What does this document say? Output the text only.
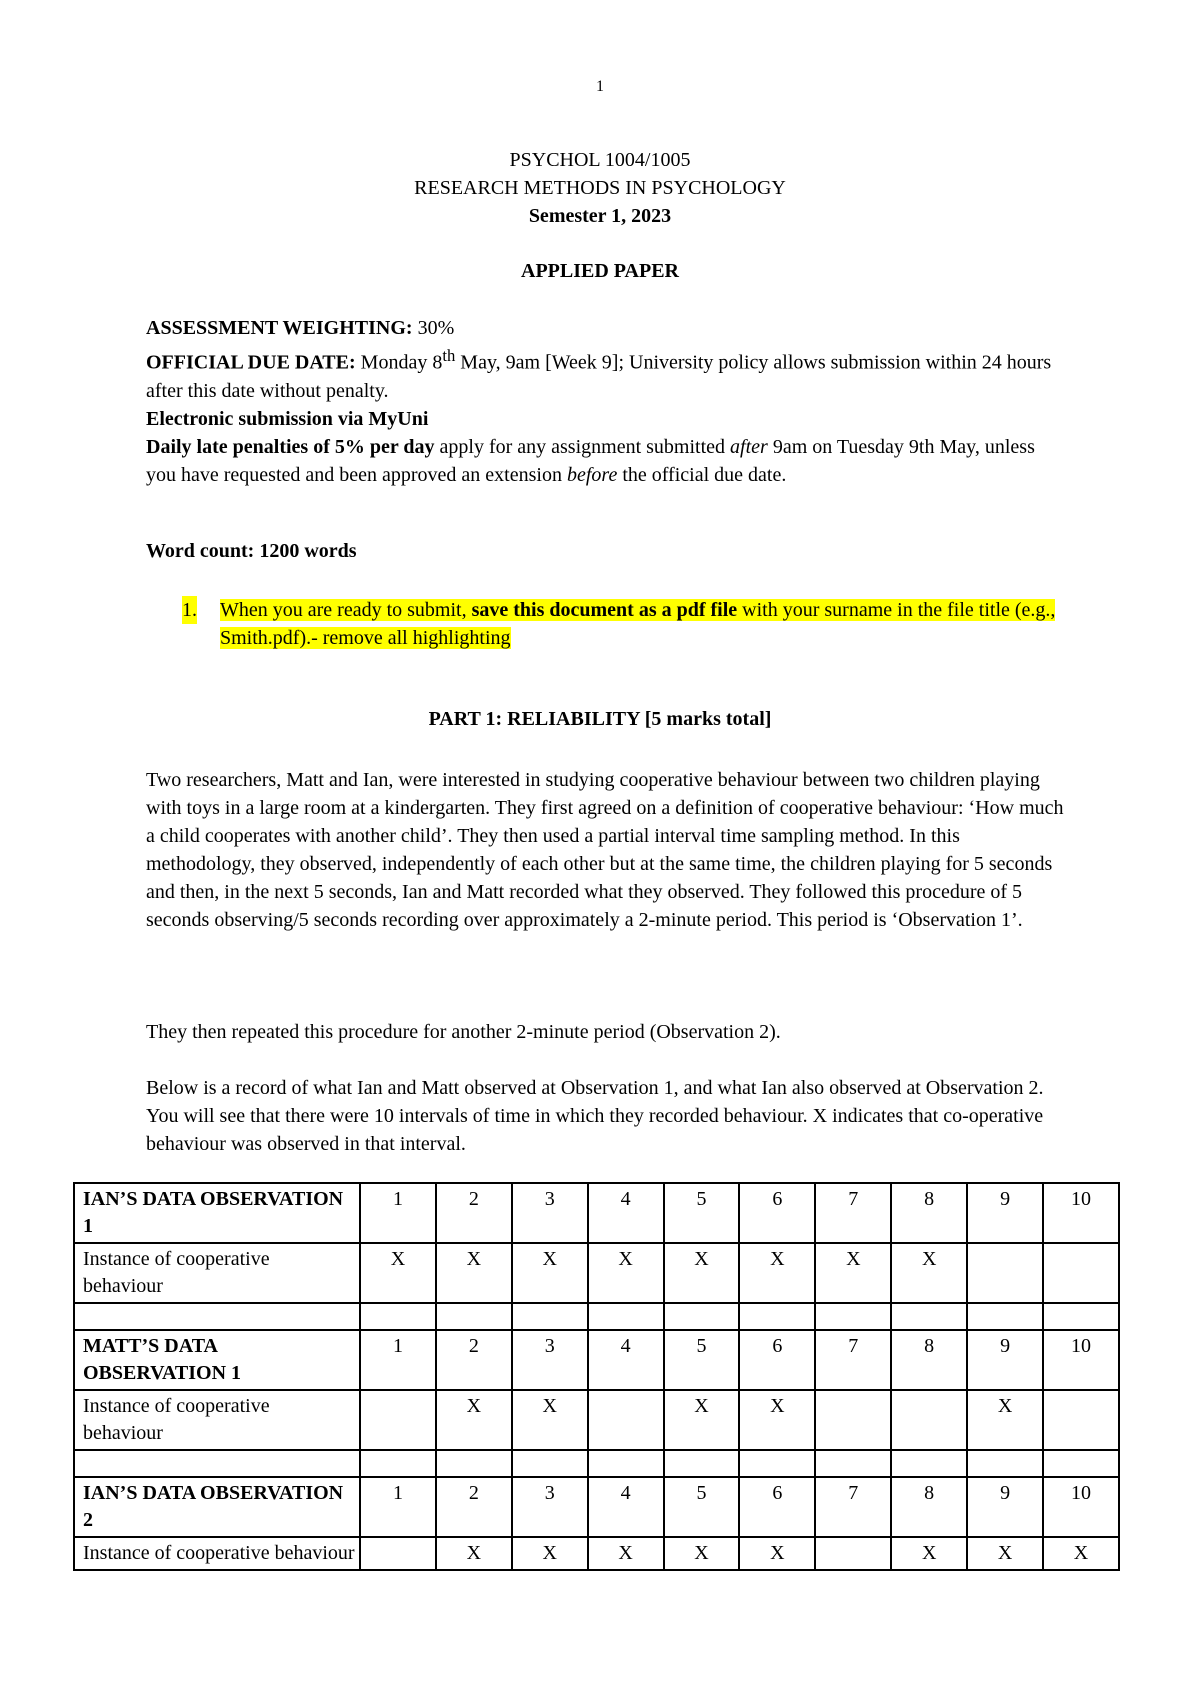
1
PSYCHOL 1004/1005
RESEARCH METHODS IN PSYCHOLOGY
Semester 1, 2023
APPLIED PAPER

ASSESSMENT WEIGHTING: 30%

OFFICIAL DUE DATE: Monday 8th May, 9am [Week 9]; University policy allows submission within 24 hours after this date without penalty.

Electronic submission via MyUni

Daily late penalties of 5% per day apply for any assignment submitted after 9am on Tuesday 9th May, unless you have requested and been approved an extension before the official due date.

Word count: 1200 words
1. When you are ready to submit, save this document as a pdf file with your surname in the file title (e.g., Smith.pdf).- remove all highlighting
PART 1: RELIABILITY [5 marks total]

Two researchers, Matt and Ian, were interested in studying cooperative behaviour between two children playing with toys in a large room at a kindergarten. They first agreed on a definition of cooperative behaviour: ‘How much a child cooperates with another child’. They then used a partial interval time sampling method. In this methodology, they observed, independently of each other but at the same time, the children playing for 5 seconds and then, in the next 5 seconds, Ian and Matt recorded what they observed. They followed this procedure of 5 seconds observing/5 seconds recording over approximately a 2-minute period. This period is ‘Observation 1’.

They then repeated this procedure for another 2-minute period (Observation 2).

Below is a record of what Ian and Matt observed at Observation 1, and what Ian also observed at Observation 2. You will see that there were 10 intervals of time in which they recorded behaviour. X indicates that co-operative behaviour was observed in that interval.

IAN’S DATA OBSERVATION 1	1	2	3	4	5	6	7	8	9	10
Instance of cooperative behaviour	X	X	X	X	X	X	X	X		

MATT’S DATA OBSERVATION 1	1	2	3	4	5	6	7	8	9	10
Instance of cooperative behaviour		X	X		X	X			X	

IAN’S DATA OBSERVATION 2	1	2	3	4	5	6	7	8	9	10
Instance of cooperative behaviour		X	X	X	X	X		X	X	X
